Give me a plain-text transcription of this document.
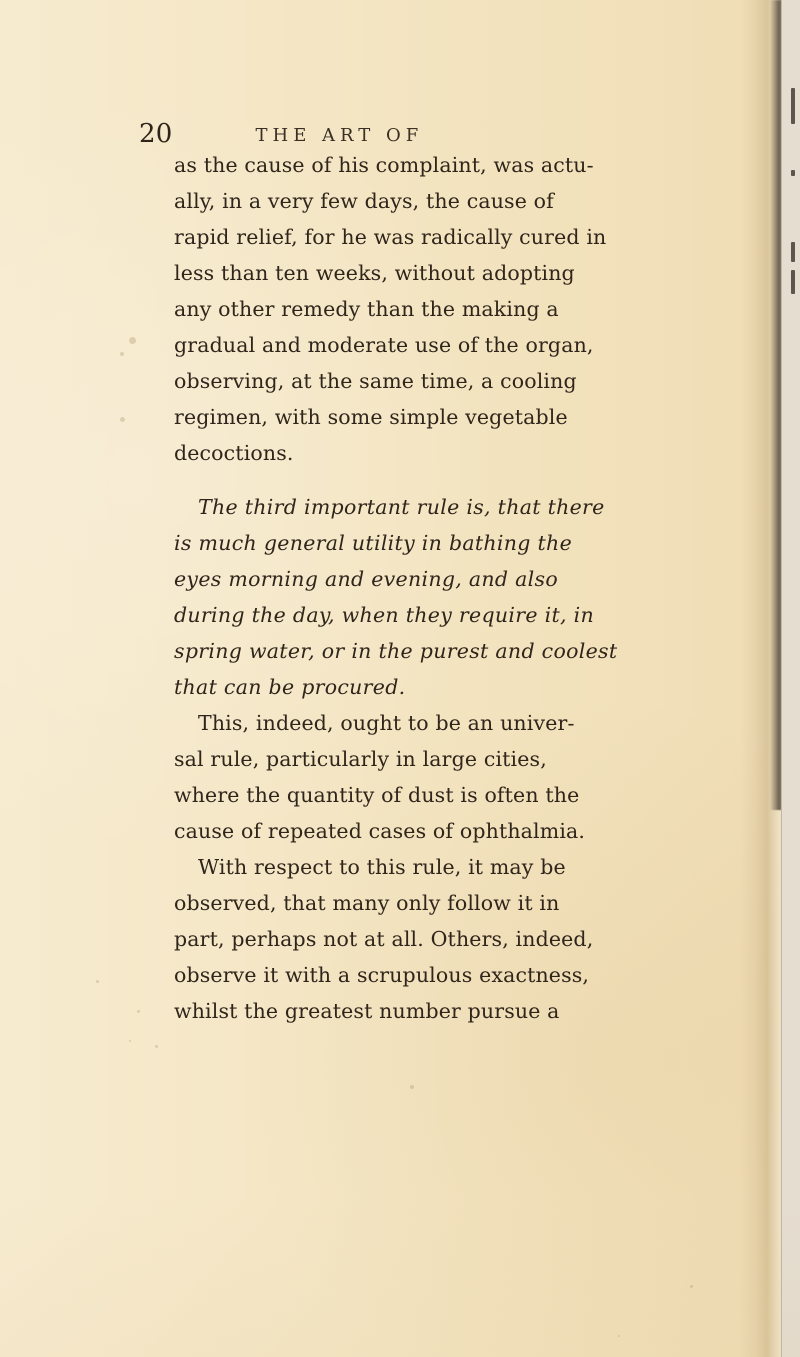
20	THE ART OF
as the cause of his complaint, was actu-
ally, in a very few days, the cause of
rapid relief, for he was radically cured in
less than ten weeks, without adopting
any other remedy than the making a
gradual and moderate use of the organ,
observing, at the same time, a cooling
regimen, with some simple vegetable
decoctions.
The third important rule is, that there
is much general utility in bathing the
eyes morning and evening, and also
during the day, when they require it, in
spring water, or in the purest and coolest
that can be procured.
This, indeed, ought to be an univer-
sal rule, particularly in large cities,
where the quantity of dust is often the
cause of repeated cases of ophthalmia.
With respect to this rule, it may be
observed, that many only follow it in
part, perhaps not at all. Others, indeed,
observe it with a scrupulous exactness,
whilst the greatest number pursue a
